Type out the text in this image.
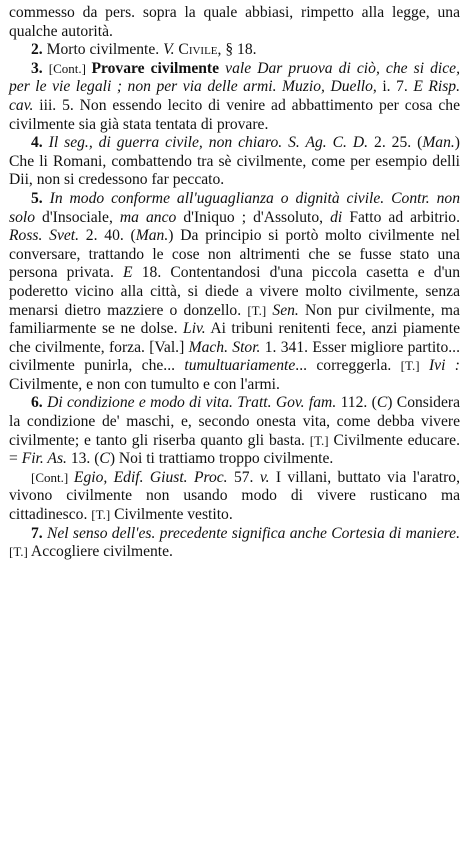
commesso da pers. sopra la quale abbiasi, rimpetto alla legge, una qualche autorità.

2. Morto civilmente. V. Civile, § 18.

3. [Cont.] Provare civilmente vale Dar pruova di ciò, che si dice, per le vie legali ; non per via delle armi. Muzio, Duello, i. 7. E Risp. cav. iii. 5. Non essendo lecito di venire ad abbattimento per cosa che civilmente sia già stata tentata di provare.

4. Il seg., di guerra civile, non chiaro. S. Ag. C. D. 2. 25. (Man.) Che li Romani, combattendo tra sè civilmente, come per esempio delli Dii, non si credessono far peccato.

5. In modo conforme all'uguaglianza o dignità civile. Contr. non solo d'Insociale, ma anco d'Iniquo ; d'Assoluto, di Fatto ad arbitrio. Ross. Svet. 2. 40. (Man.) Da principio si portò molto civilmente nel conversare, trattando le cose non altrimenti che se fusse stato una persona privata. E 18. Contentandosi d'una piccola casetta e d'un poderetto vicino alla città, si diede a vivere molto civilmente, senza menarsi dietro mazziere o donzello. [T.] Sen. Non pur civilmente, ma familiarmente se ne dolse. Liv. Ai tribuni renitenti fece, anzi piamente che civilmente, forza. [Val.] Mach. Stor. 1. 341. Esser migliore partito... civilmente punirla, che... tumultuariamente... correggerla. [T.] Ivi : Civilmente, e non con tumulto e con l'armi.

6. Di condizione e modo di vita. Tratt. Gov. fam. 112. (C) Considera la condizione de' maschi, e, secondo onesta vita, come debba vivere civilmente; e tanto gli riserba quanto gli basta. [T.] Civilmente educare. = Fir. As. 13. (C) Noi ti trattiamo troppo civilmente.

[Cont.] Egio, Edif. Giust. Proc. 57. v. I villani, buttato via l'aratro, vivono civilmente non usando modo di vivere rusticano ma cittadinesco. [T.] Civilmente vestito.

7. Nel senso dell'es. precedente significa anche Cortesia di maniere. [T.] Accogliere civilmente.
